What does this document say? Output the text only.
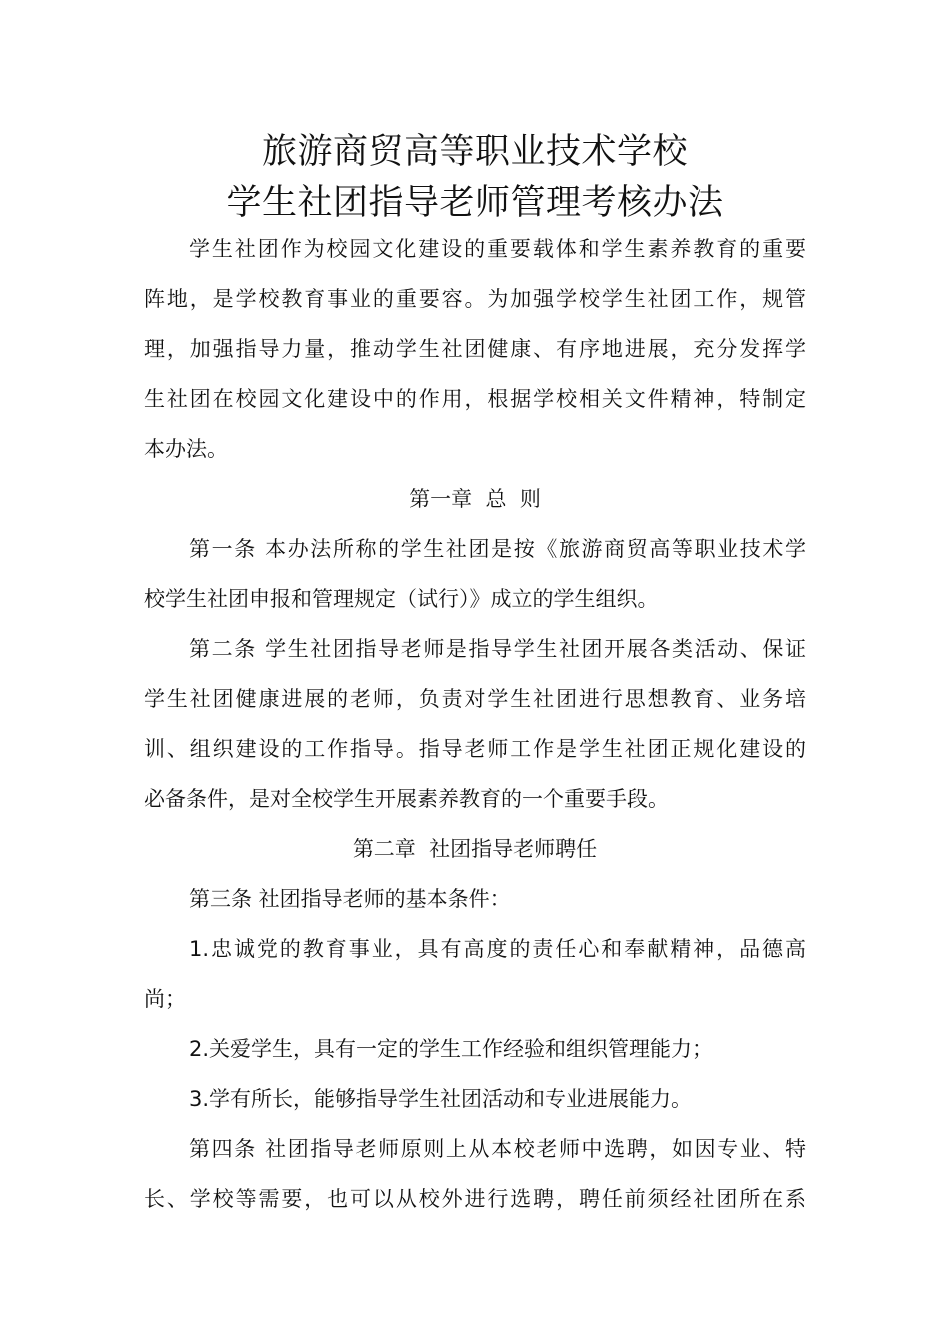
旅游商贸高等职业技术学校
学生社团指导老师管理考核办法
学生社团作为校园文化建设的重要载体和学生素养教育的重要
阵地，是学校教育事业的重要容。为加强学校学生社团工作，规管
理，加强指导力量，推动学生社团健康、有序地进展，充分发挥学
生社团在校园文化建设中的作用，根据学校相关文件精神，特制定
本办法。
第一章  总  则
第一条 本办法所称的学生社团是按《旅游商贸高等职业技术学
校学生社团申报和管理规定（试行）》成立的学生组织。
第二条 学生社团指导老师是指导学生社团开展各类活动、保证
学生社团健康进展的老师，负责对学生社团进行思想教育、业务培
训、组织建设的工作指导。指导老师工作是学生社团正规化建设的
必备条件，是对全校学生开展素养教育的一个重要手段。
第二章  社团指导老师聘任
第三条 社团指导老师的基本条件：
1.忠诚党的教育事业，具有高度的责任心和奉献精神，品德高
尚；
2.关爱学生，具有一定的学生工作经验和组织管理能力；
3.学有所长，能够指导学生社团活动和专业进展能力。
第四条 社团指导老师原则上从本校老师中选聘，如因专业、特
长、学校等需要，也可以从校外进行选聘，聘任前须经社团所在系
